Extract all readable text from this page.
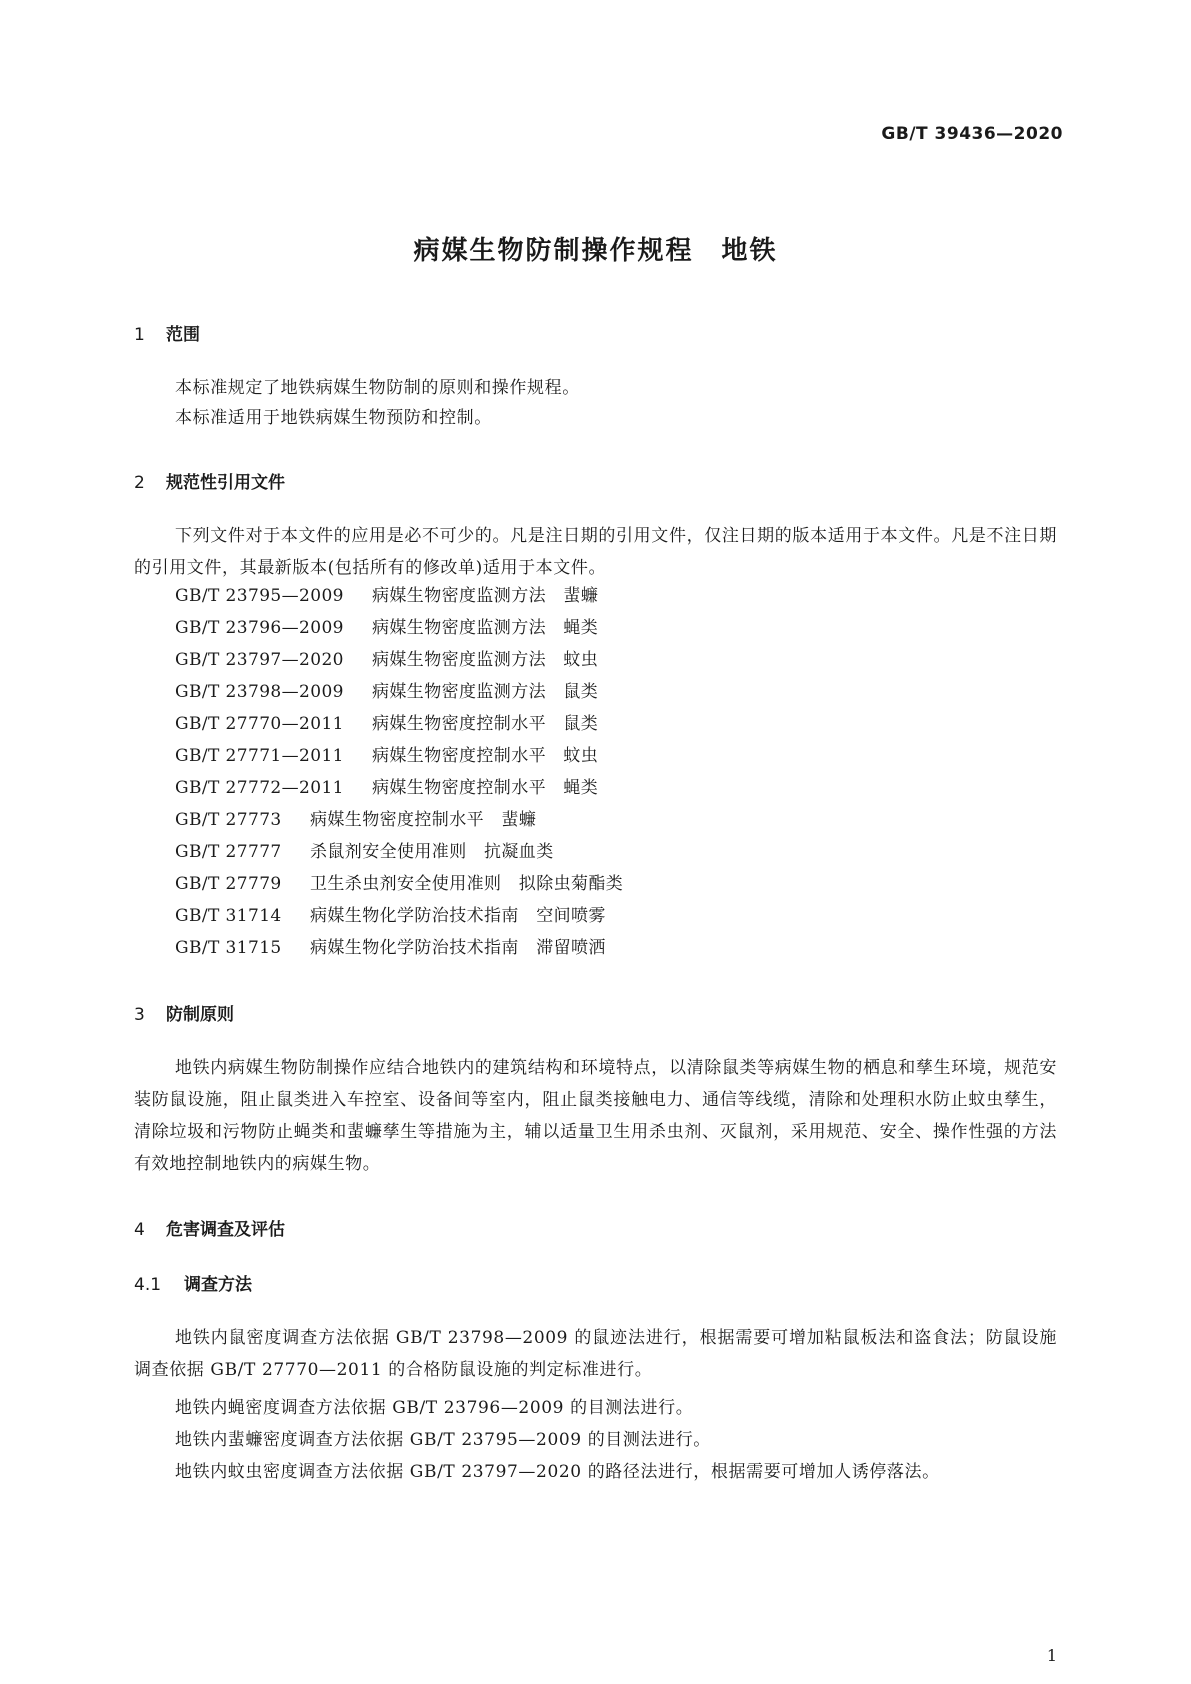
GB/T 39436—2020
病媒生物防制操作规程　地铁
1 范围
本标准规定了地铁病媒生物防制的原则和操作规程。
本标准适用于地铁病媒生物预防和控制。
2 规范性引用文件
下列文件对于本文件的应用是必不可少的。凡是注日期的引用文件，仅注日期的版本适用于本文件。凡是不注日期的引用文件，其最新版本(包括所有的修改单)适用于本文件。
GB/T 23795—2009 病媒生物密度监测方法　蜚蠊
GB/T 23796—2009 病媒生物密度监测方法　蝇类
GB/T 23797—2020 病媒生物密度监测方法　蚊虫
GB/T 23798—2009 病媒生物密度监测方法　鼠类
GB/T 27770—2011 病媒生物密度控制水平　鼠类
GB/T 27771—2011 病媒生物密度控制水平　蚊虫
GB/T 27772—2011 病媒生物密度控制水平　蝇类
GB/T 27773 病媒生物密度控制水平　蜚蠊
GB/T 27777 杀鼠剂安全使用准则　抗凝血类
GB/T 27779 卫生杀虫剂安全使用准则　拟除虫菊酯类
GB/T 31714 病媒生物化学防治技术指南　空间喷雾
GB/T 31715 病媒生物化学防治技术指南　滞留喷洒
3 防制原则
地铁内病媒生物防制操作应结合地铁内的建筑结构和环境特点，以清除鼠类等病媒生物的栖息和孳生环境，规范安装防鼠设施，阻止鼠类进入车控室、设备间等室内，阻止鼠类接触电力、通信等线缆，清除和处理积水防止蚊虫孳生，清除垃圾和污物防止蝇类和蜚蠊孳生等措施为主，辅以适量卫生用杀虫剂、灭鼠剂，采用规范、安全、操作性强的方法有效地控制地铁内的病媒生物。
4 危害调查及评估
4.1 调查方法
地铁内鼠密度调查方法依据 GB/T 23798—2009 的鼠迹法进行，根据需要可增加粘鼠板法和盗食法；防鼠设施调查依据 GB/T 27770—2011 的合格防鼠设施的判定标准进行。
地铁内蝇密度调查方法依据 GB/T 23796—2009 的目测法进行。
地铁内蜚蠊密度调查方法依据 GB/T 23795—2009 的目测法进行。
地铁内蚊虫密度调查方法依据 GB/T 23797—2020 的路径法进行，根据需要可增加人诱停落法。
1
